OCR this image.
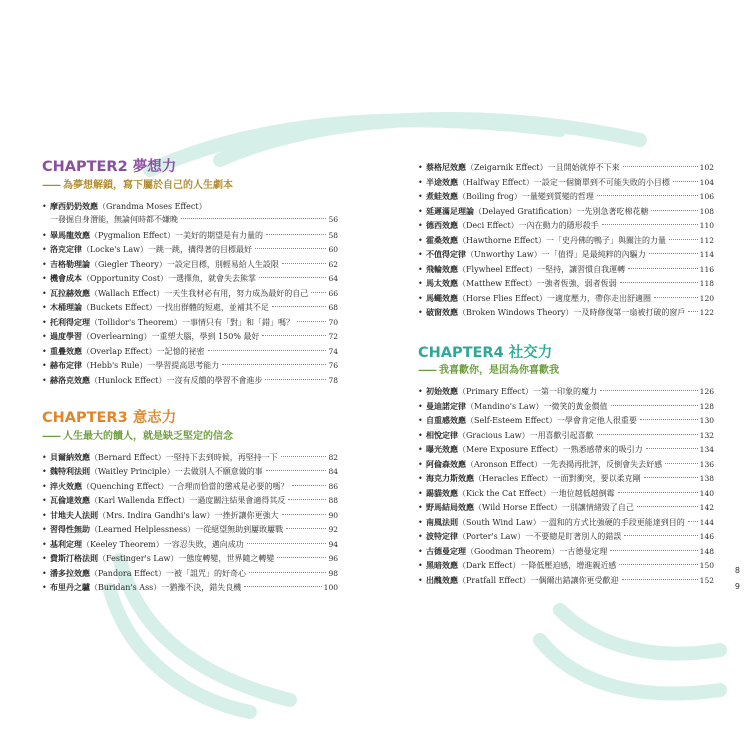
CHAPTER2 夢想力
—— 為夢想解鎖，寫下屬於自己的人生劇本
• 摩西奶奶效應 （Grandma Moses Effect）
一發掘自身潛能，無論何時都不嫌晚	56
• 畢馬龍效應 （Pygmalion Effect）一美好的期望是有力量的	58
• 洛克定律 （Locke's Law）一跳一跳，搆得著的目標最好	60
• 吉格勒理論 （Giegler Theory）一設定目標，別輕易給人生設限	62
• 機會成本 （Opportunity Cost）一選擇魚，就會失去熊掌	64
• 瓦拉赫效應 （Wallach Effect）一天生我材必有用，努力成為最好的自己	66
• 木桶理論 （Buckets Effect）一找出群體的短處，並補其不足	68
• 托利得定理 （Tollidor's Theorem）一事情只有「對」和「錯」嗎？	70
• 過度學習 （Overlearning）一重塑大腦，學到 150% 最好	72
• 重疊效應 （Overlap Effect）一記憶的祕密	74
• 赫布定律 （Hebb's Rule）一學習提高思考能力	76
• 赫洛克效應 （Hunlock Effect）一沒有反饋的學習不會進步	78
CHAPTER3 意志力
—— 人生最大的饋人，就是缺乏堅定的信念
• 貝爾納效應 （Bernard Effect）一堅持下去到時候，再堅持一下	82
• 魏特利法則 （Waitley Principle）一去做別人不願意做的事	84
• 淬火效應 （Quenching Effect）一合理而恰當的懲戒是必要的嗎？	86
• 瓦倫達效應 （Karl Wallenda Effect）一過度關注結果會適得其反	88
• 甘地夫人法則 （Mrs. Indira Gandhi's law）一挫折讓你更強大	90
• 習得性無助 （Learned Helplessness）一從絕望無助到屢敗屢戰	92
• 基利定理 （Keeley Theorem）一容忍失敗，邁向成功	94
• 費斯汀格法則 （Festinger's Law）一態度轉變，世界隨之轉變	96
• 潘多拉效應 （Pandora Effect）一被「詛咒」的好奇心	98
• 布里丹之驢 （Buridan's Ass）一猶豫不決，錯失良機	100
• 蔡格尼效應 （Zeigarnik Effect）一且開始就停不下來	102
• 半途效應 （Halfway Effect）一設定一個簡單到不可能失敗的小目標	104
• 煮蛙效應 （Boiling frog）一量變到質變的哲理	106
• 延遲滿足理論 （Delayed Gratification）一先別急著吃棉花糖	108
• 德西效應 （Deci Effect）一內在動力的隱形殺手	110
• 霍桑效應 （Hawthorne Effect）一「史丹佛的鴨子」與關注的力量	112
• 不值得定律 （Unworthy Law）一「值得」是最純粹的內驅力	114
• 飛輪效應 （Flywheel Effect）一堅持，讓習慣自我運轉	116
• 馬太效應 （Matthew Effect）一強者恆強，弱者恆弱	118
• 馬蠅效應 （Horse Flies Effect）一適度壓力，帶你走出舒適圈	120
• 破窗效應 （Broken Windows Theory）一及時修復第一扇被打破的窗戶 122
CHAPTER4 社交力
—— 我喜歡你，是因為你喜歡我
• 初始效應 （Primary Effect）一第一印象的魔力	126
• 曼迪諾定律 （Mandino's Law）一微笑的黃金價值	128
• 自重感效應 （Self-Esteem Effect）一學會肯定他人很重要	130
• 相悅定律 （Gracious Law）一用喜歡引起喜歡	132
• 曝光效應 （Mere Exposure Effect）一熟悉感帶來的吸引力	134
• 阿倫森效應 （Aronson Effect）一先表揚再批評，反倒會失去好感	136
• 海克力斯效應 （Heracles Effect）一面對衝突，要以柔克剛	138
• 踢貓效應 （Kick the Cat Effect）一地位越低越倒霉	140
• 野馬結局效應 （Wild Horse Effect）一別讓情緒毀了自己	142
• 南風法則 （South Wind Law）一溫和的方式比強硬的手段更能達到目的 144
• 波特定律 （Porter's Law）一不要總是盯著別人的錯誤	146
• 古德曼定理 （Goodman Theorem）一古德曼定理	148
• 黑暗效應 （Dark Effect）一降低壓迫感，增進親近感	150
• 出醜效應 （Pratfall Effect）一偶爾出錯讓你更受歡迎	152
8
9
